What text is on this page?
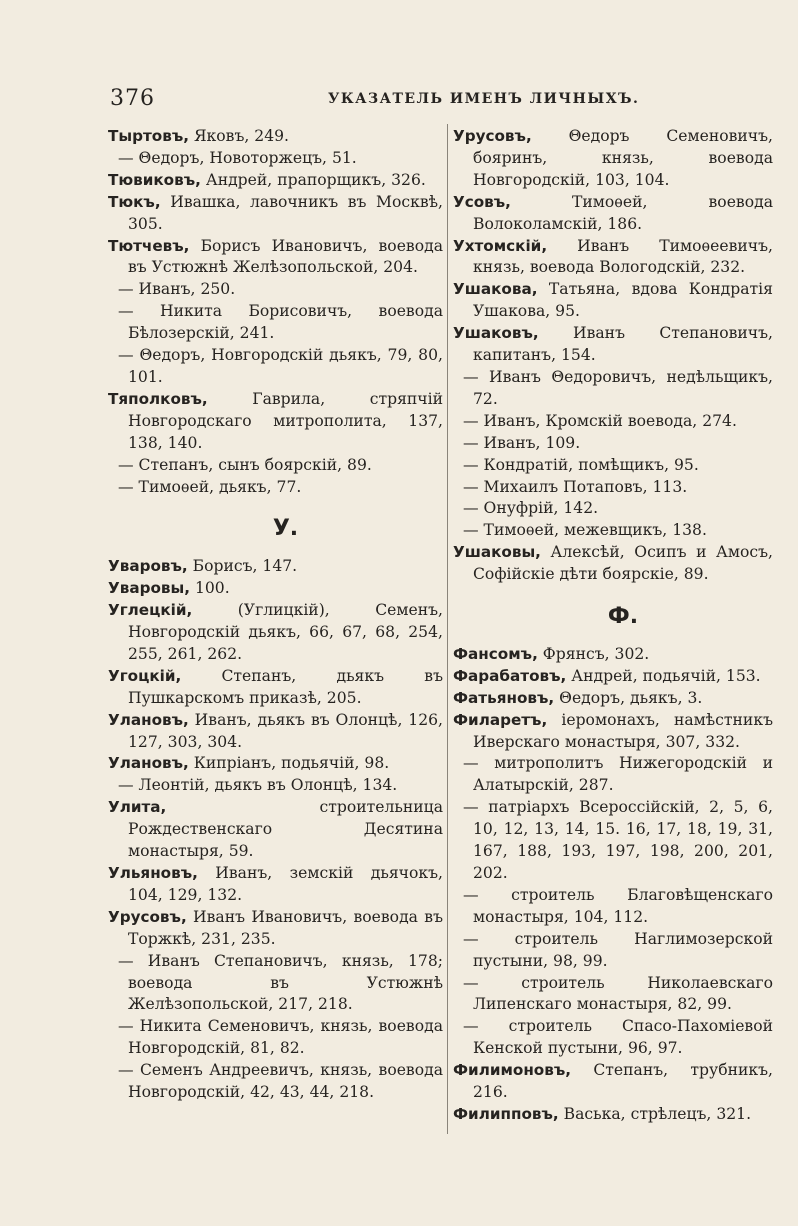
376	УКАЗАТЕЛЬ ИМЕНЪ ЛИЧНЫХЪ.

Тыртовъ, Яковъ, 249.

— Θедоръ, Новоторжецъ, 51.

Тювиковъ, Андрей, прапорщикъ, 326.

Тюкъ, Ивашка, лавочникъ въ Москвѣ, 305.

Тютчевъ, Борисъ Ивановичъ, воевода въ Устюжнѣ Желѣзопольской, 204.

— Иванъ, 250.

— Никита Борисовичъ, воевода Бѣлозерскій, 241.

— Θедоръ, Новгородскій дьякъ, 79, 80, 101.

Тяполковъ, Гаврила, стряпчій Новгородскаго митрополита, 137, 138, 140.

— Степанъ, сынъ боярскій, 89.

— Тимоѳей, дьякъ, 77.

У.

Уваровъ, Борисъ, 147.

Уваровы, 100.

Углецкій, (Углицкій), Семенъ, Новгородскій дьякъ, 66, 67, 68, 254, 255, 261, 262.

Угоцкій, Степанъ, дьякъ въ Пушкарскомъ приказѣ, 205.

Улановъ, Иванъ, дьякъ въ Олонцѣ, 126, 127, 303, 304.

Улановъ, Кипріанъ, подьячій, 98.

— Леонтій, дьякъ въ Олонцѣ, 134.

Улита, строительница Рождественскаго Десятина монастыря, 59.

Ульяновъ, Иванъ, земскій дьячокъ, 104, 129, 132.

Урусовъ, Иванъ Ивановичъ, воевода въ Торжкѣ, 231, 235.

— Иванъ Степановичъ, князь, 178; воевода въ Устюжнѣ Желѣзопольской, 217, 218.

— Никита Семеновичъ, князь, воевода Новгородскій, 81, 82.

— Семенъ Андреевичъ, князь, воевода Новгородскій, 42, 43, 44, 218.

Урусовъ, Θедоръ Семеновичъ, бояринъ, князь, воевода Новгородскій, 103, 104.

Усовъ, Тимоѳей, воевода Волоколамскій, 186.

Ухтомскій, Иванъ Тимоѳеевичъ, князь, воевода Вологодскій, 232.

Ушакова, Татьяна, вдова Кондратія Ушакова, 95.

Ушаковъ, Иванъ Степановичъ, капитанъ, 154.

— Иванъ Θедоровичъ, недѣльщикъ, 72.

— Иванъ, Кромскій воевода, 274.

— Иванъ, 109.

— Кондратій, помѣщикъ, 95.

— Михаилъ Потаповъ, 113.

— Онуфрій, 142.

— Тимоѳей, межевщикъ, 138.

Ушаковы, Алексѣй, Осипъ и Амосъ, Софійскіе дѣти боярскіе, 89.

Ф.

Фансомъ, Фрянсъ, 302.

Фарабатовъ, Андрей, подьячій, 153.

Фатьяновъ, Θедоръ, дьякъ, 3.

Филаретъ, іеромонахъ, намѣстникъ Иверскаго монастыря, 307, 332.

— митрополитъ Нижегородскій и Алатырскій, 287.

— патріархъ Всероссійскій, 2, 5, 6, 10, 12, 13, 14, 15. 16, 17, 18, 19, 31, 167, 188, 193, 197, 198, 200, 201, 202.

— строитель Благовѣщенскаго монастыря, 104, 112.

— строитель Наглимозерской пустыни, 98, 99.

— строитель Николаевскаго Липенскаго монастыря, 82, 99.

— строитель Спасо-Пахоміевой Кенской пустыни, 96, 97.

Филимоновъ, Степанъ, трубникъ, 216.

Филипповъ, Васька, стрѣлецъ, 321.
